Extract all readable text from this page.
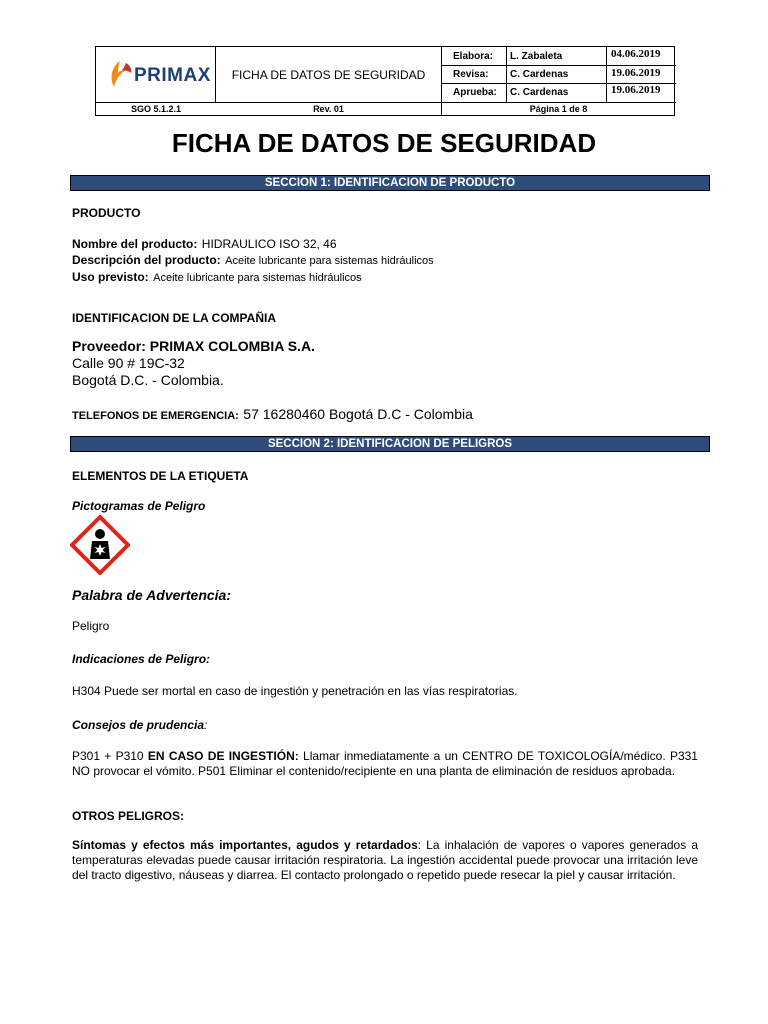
PRIMAX	FICHA DE DATOS DE SEGURIDAD
Elabora: L. Zabaleta	04.06.2019
Revisa: C. Cardenas	19.06.2019
Aprueba: C. Cardenas	19.06.2019
SGO 5.1.2.1	Rev. 01	Página 1 de 8
FICHA DE DATOS DE SEGURIDAD
SECCION 1: IDENTIFICACION DE PRODUCTO
PRODUCTO
Nombre del producto: HIDRAULICO ISO 32, 46
Descripción del producto: Aceite lubricante para sistemas hidráulicos
Uso previsto: Aceite lubricante para sistemas hidráulicos
IDENTIFICACION DE LA COMPAÑIA
Proveedor: PRIMAX COLOMBIA S.A.
Calle 90 # 19C-32
Bogotá D.C. - Colombia.
TELEFONOS DE EMERGENCIA: 57 16280460 Bogotá D.C - Colombia
SECCION 2: IDENTIFICACION DE PELIGROS
ELEMENTOS DE LA ETIQUETA
Pictogramas de Peligro
Palabra de Advertencia:
Peligro
Indicaciones de Peligro:
H304 Puede ser mortal en caso de ingestión y penetración en las vías respiratorias.
Consejos de prudencia:
P301 + P310 EN CASO DE INGESTIÓN: Llamar inmediatamente a un CENTRO DE TOXICOLOGÍA/médico. P331 NO provocar el vómito. P501 Eliminar el contenido/recipiente en una planta de eliminación de residuos aprobada.
OTROS PELIGROS:
Síntomas y efectos más importantes, agudos y retardados: La inhalación de vapores o vapores generados a temperaturas elevadas puede causar irritación respiratoria. La ingestión accidental puede provocar una irritación leve del tracto digestivo, náuseas y diarrea. El contacto prolongado o repetido puede resecar la piel y causar irritación.
